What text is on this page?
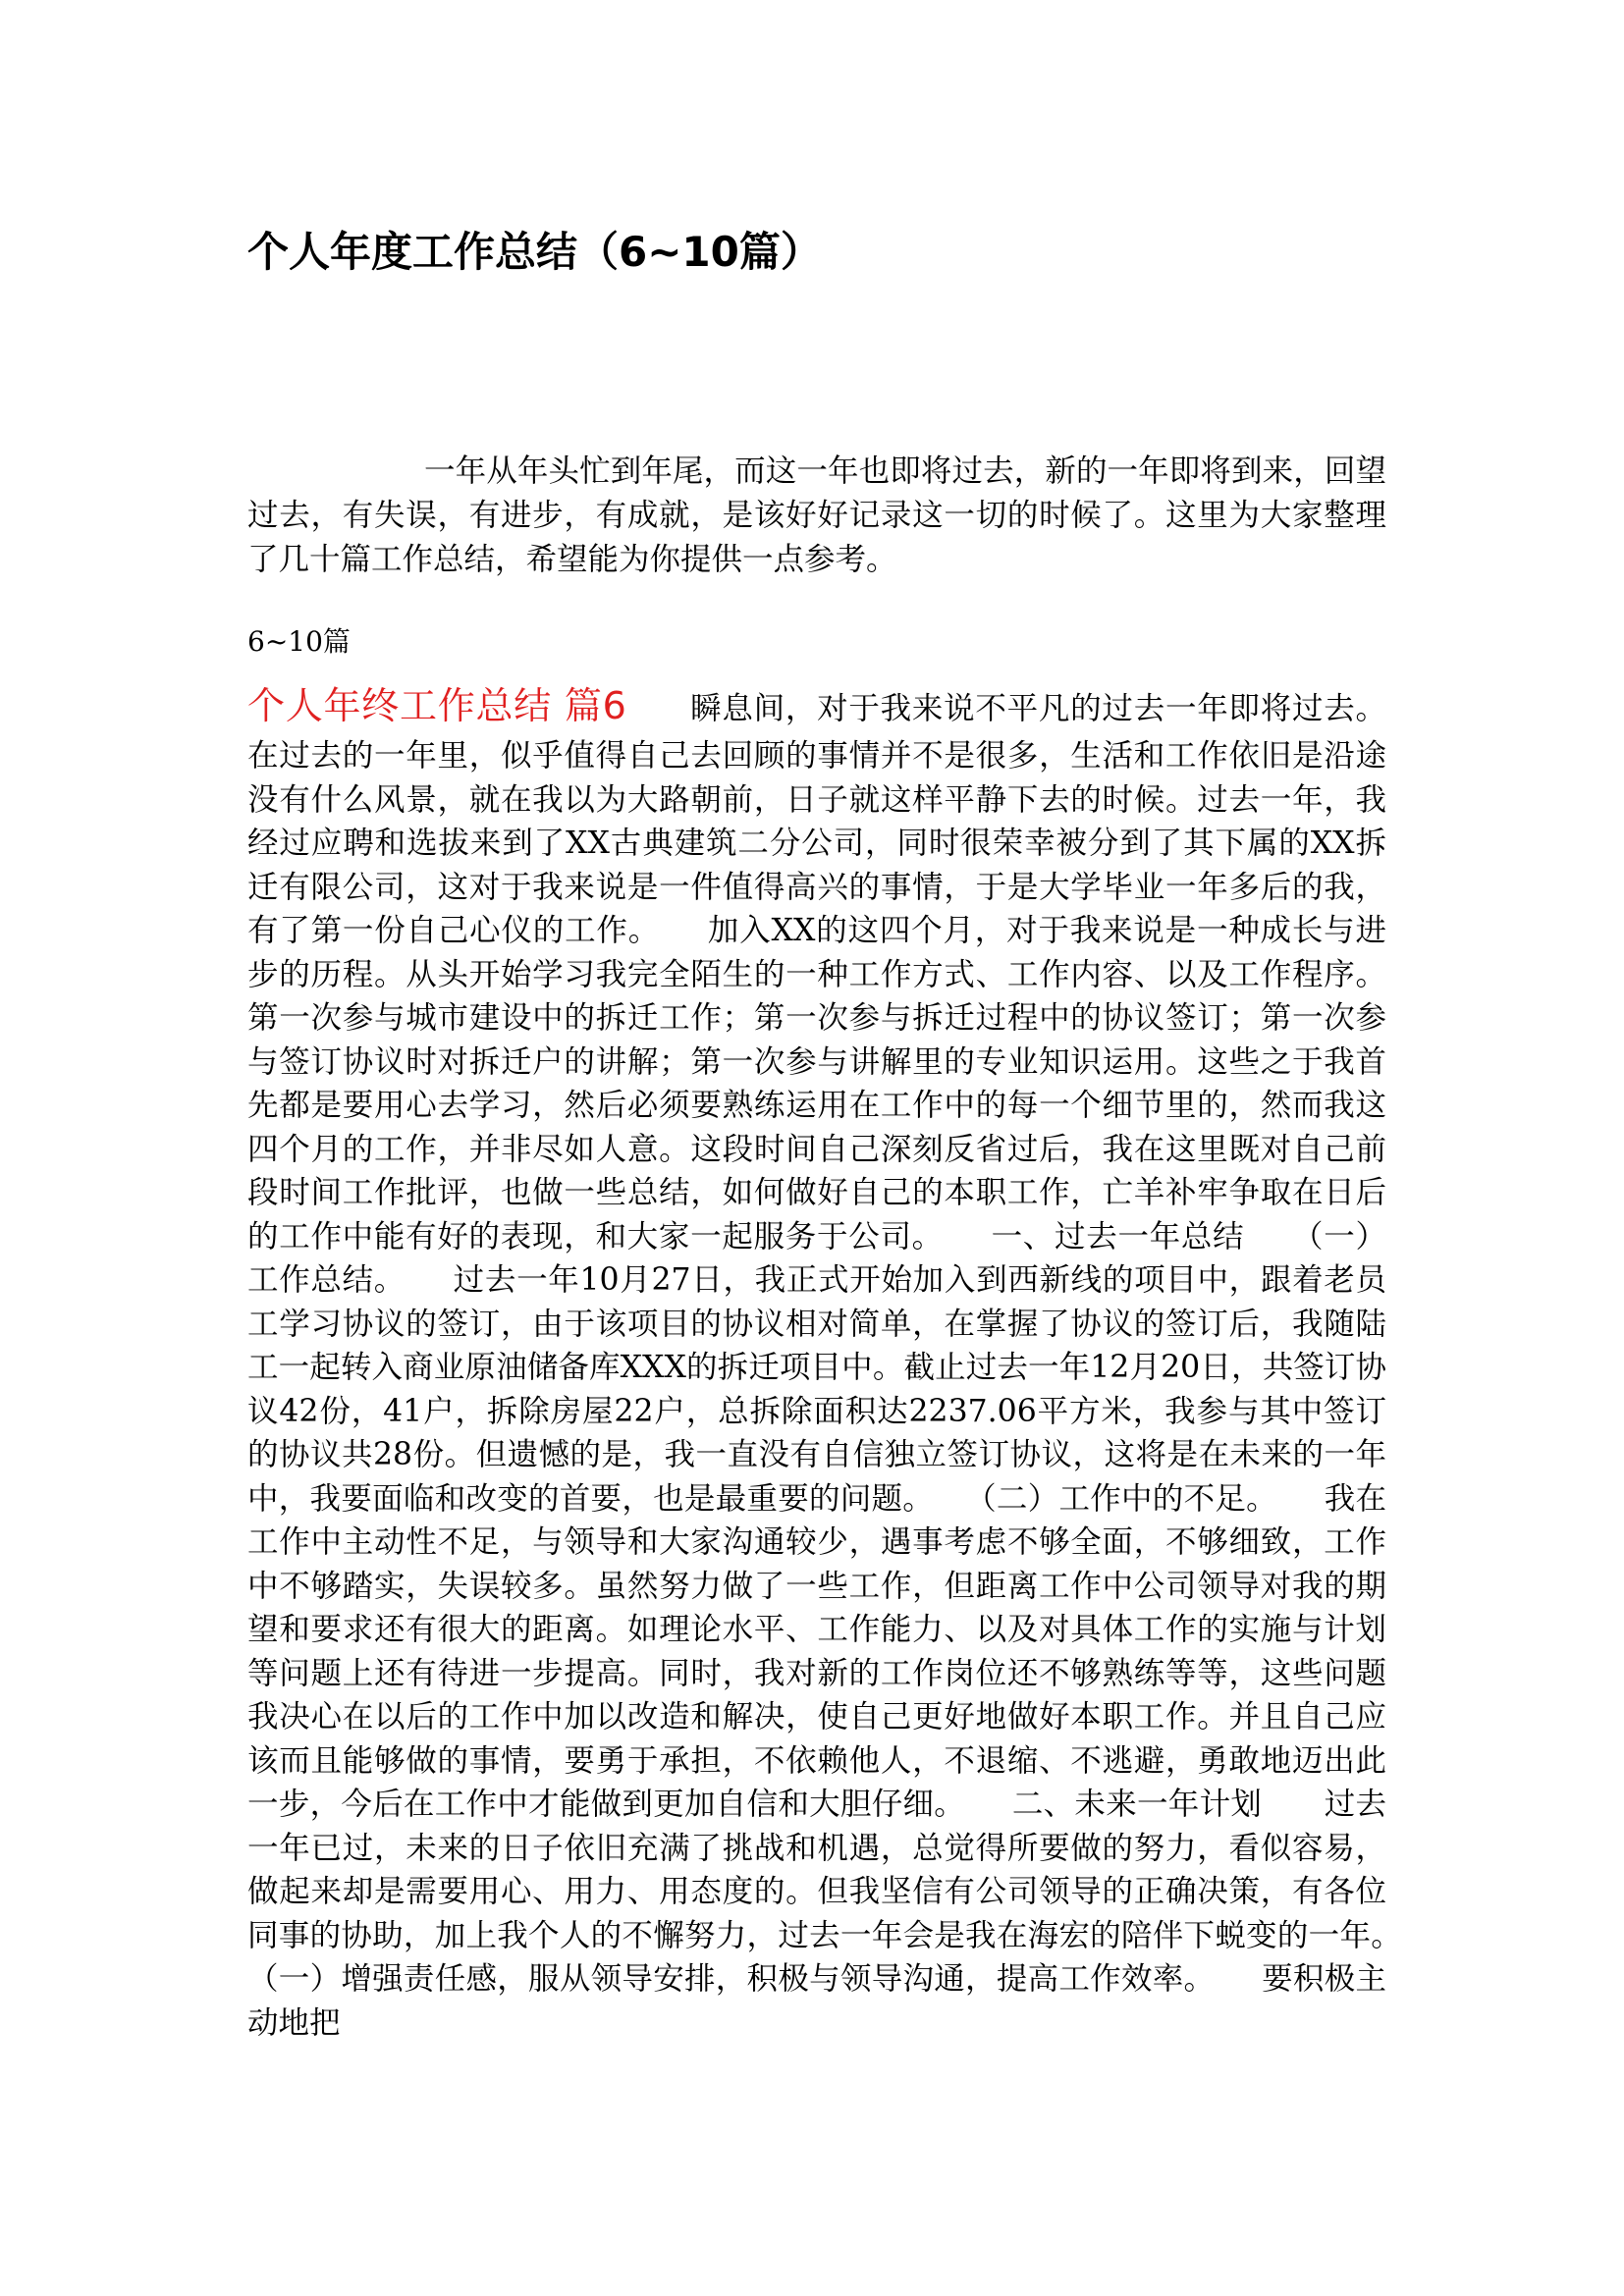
个人年度工作总结（6~10篇）

一年从年头忙到年尾，而这一年也即将过去，新的一年即将到来，回望过去，有失误，有进步，有成就，是该好好记录这一切的时候了。这里为大家整理了几十篇工作总结，希望能为你提供一点参考。

6~10篇

个人年终工作总结 篇6　　瞬息间，对于我来说不平凡的过去一年即将过去。在过去的一年里，似乎值得自己去回顾的事情并不是很多，生活和工作依旧是沿途没有什么风景，就在我以为大路朝前，日子就这样平静下去的时候。过去一年，我经过应聘和选拔来到了XX古典建筑二分公司，同时很荣幸被分到了其下属的XX拆迁有限公司，这对于我来说是一件值得高兴的事情，于是大学毕业一年多后的我，有了第一份自己心仪的工作。　　加入XX的这四个月，对于我来说是一种成长与进步的历程。从头开始学习我完全陌生的一种工作方式、工作内容、以及工作程序。第一次参与城市建设中的拆迁工作；第一次参与拆迁过程中的协议签订；第一次参与签订协议时对拆迁户的讲解；第一次参与讲解里的专业知识运用。这些之于我首先都是要用心去学习，然后必须要熟练运用在工作中的每一个细节里的，然而我这四个月的工作，并非尽如人意。这段时间自己深刻反省过后，我在这里既对自己前段时间工作批评，也做一些总结，如何做好自己的本职工作，亡羊补牢争取在日后的工作中能有好的表现，和大家一起服务于公司。　　一、过去一年总结　　（一）工作总结。　　过去一年10月27日，我正式开始加入到西新线的项目中，跟着老员工学习协议的签订，由于该项目的协议相对简单，在掌握了协议的签订后，我随陆工一起转入商业原油储备库XXX的拆迁项目中。截止过去一年12月20日，共签订协议42份，41户，拆除房屋22户，总拆除面积达2237.06平方米，我参与其中签订的协议共28份。但遗憾的是，我一直没有自信独立签订协议，这将是在未来的一年中，我要面临和改变的首要，也是最重要的问题。　　（二）工作中的不足。　　我在工作中主动性不足，与领导和大家沟通较少，遇事考虑不够全面，不够细致，工作中不够踏实，失误较多。虽然努力做了一些工作，但距离工作中公司领导对我的期望和要求还有很大的距离。如理论水平、工作能力、以及对具体工作的实施与计划等问题上还有待进一步提高。同时，我对新的工作岗位还不够熟练等等，这些问题我决心在以后的工作中加以改造和解决，使自己更好地做好本职工作。并且自己应该而且能够做的事情，要勇于承担，不依赖他人，不退缩、不逃避，勇敢地迈出此一步，今后在工作中才能做到更加自信和大胆仔细。　　二、未来一年计划　　过去一年已过，未来的日子依旧充满了挑战和机遇，总觉得所要做的努力，看似容易，做起来却是需要用心、用力、用态度的。但我坚信有公司领导的正确决策，有各位同事的协助，加上我个人的不懈努力，过去一年会是我在海宏的陪伴下蜕变的一年。　　（一）增强责任感，服从领导安排，积极与领导沟通，提高工作效率。　　要积极主动地把
